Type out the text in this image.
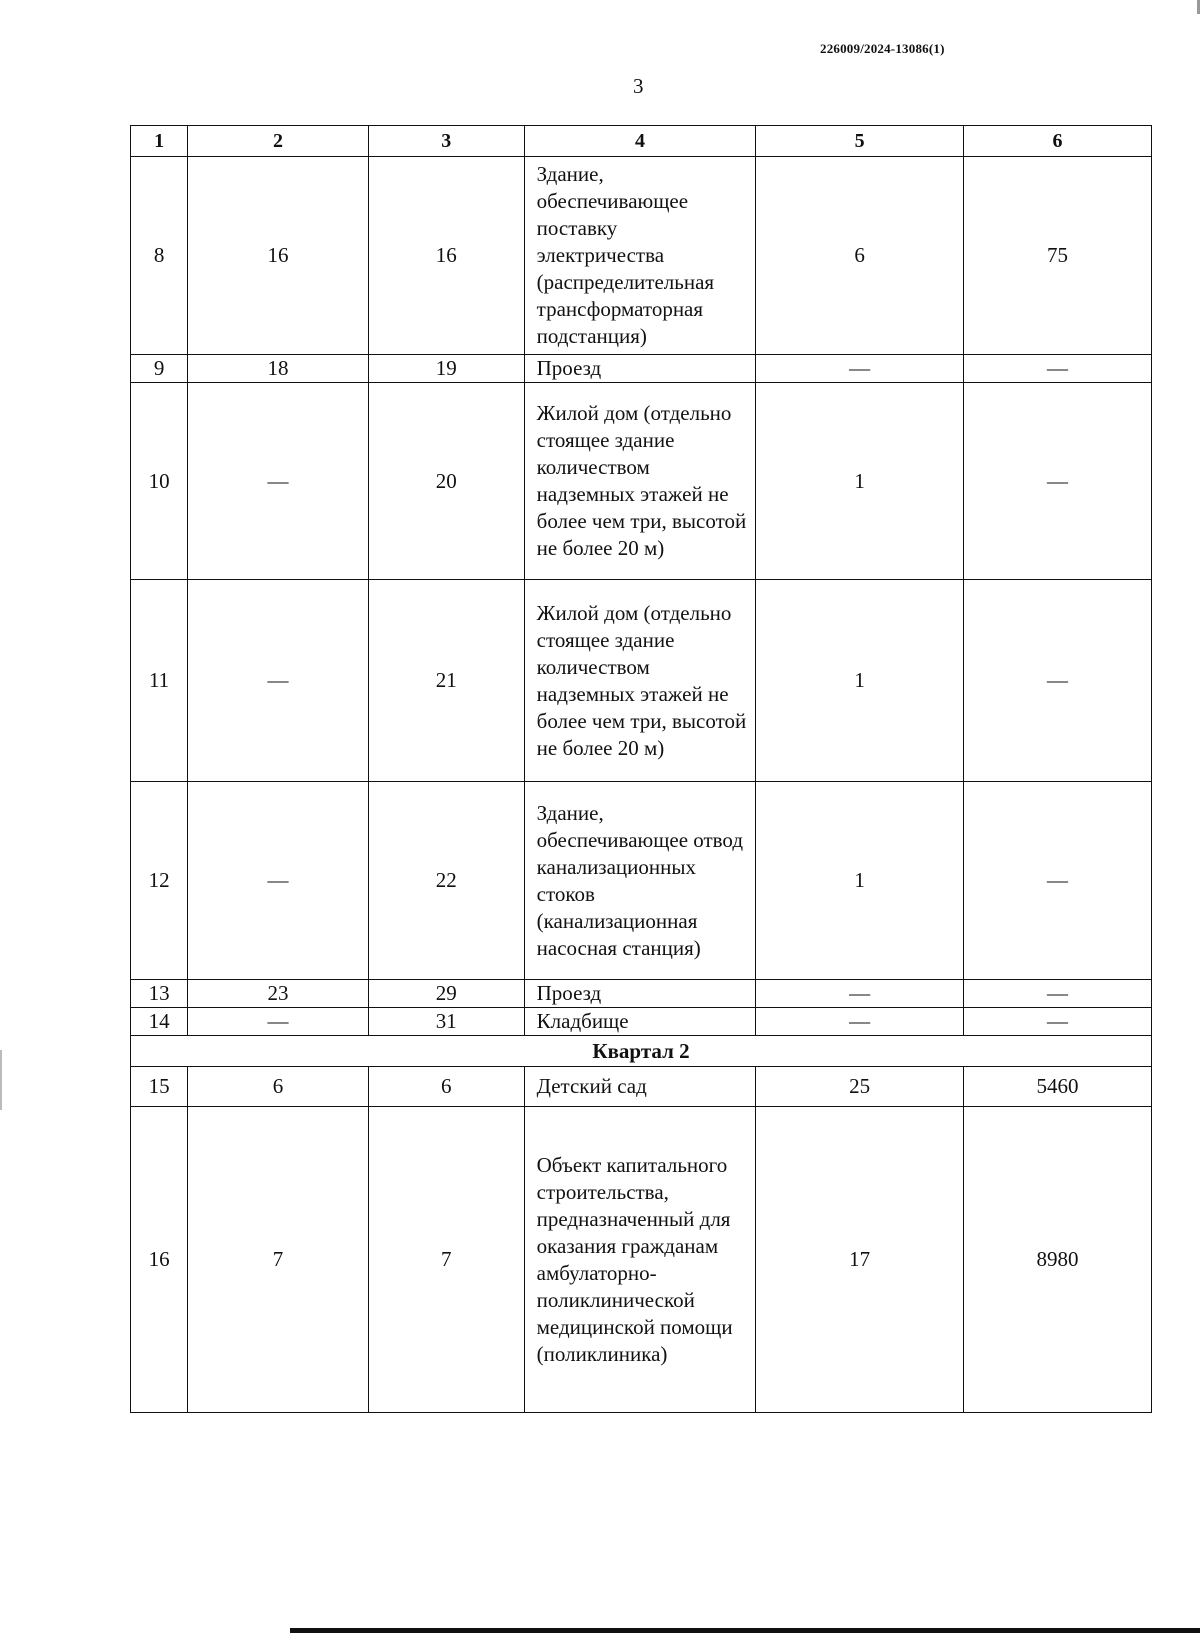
226009/2024-13086(1)
3
1	2	3	4	5	6
8	16	16	Здание, обеспечивающее поставку электричества (распределительная трансформаторная подстанция)	6	75
9	18	19	Проезд	—	—
10	—	20	Жилой дом (отдельно стоящее здание количеством надземных этажей не более чем три, высотой не более 20 м)	1	—
11	—	21	Жилой дом (отдельно стоящее здание количеством надземных этажей не более чем три, высотой не более 20 м)	1	—
12	—	22	Здание, обеспечивающее отвод канализационных стоков (канализационная насосная станция)	1	—
13	23	29	Проезд	—	—
14	—	31	Кладбище	—	—
Квартал 2					
15	6	6	Детский сад	25	5460
16	7	7	Объект капитального строительства, предназначенный для оказания гражданам амбулаторно-поликлинической медицинской помощи (поликлиника)	17	8980
